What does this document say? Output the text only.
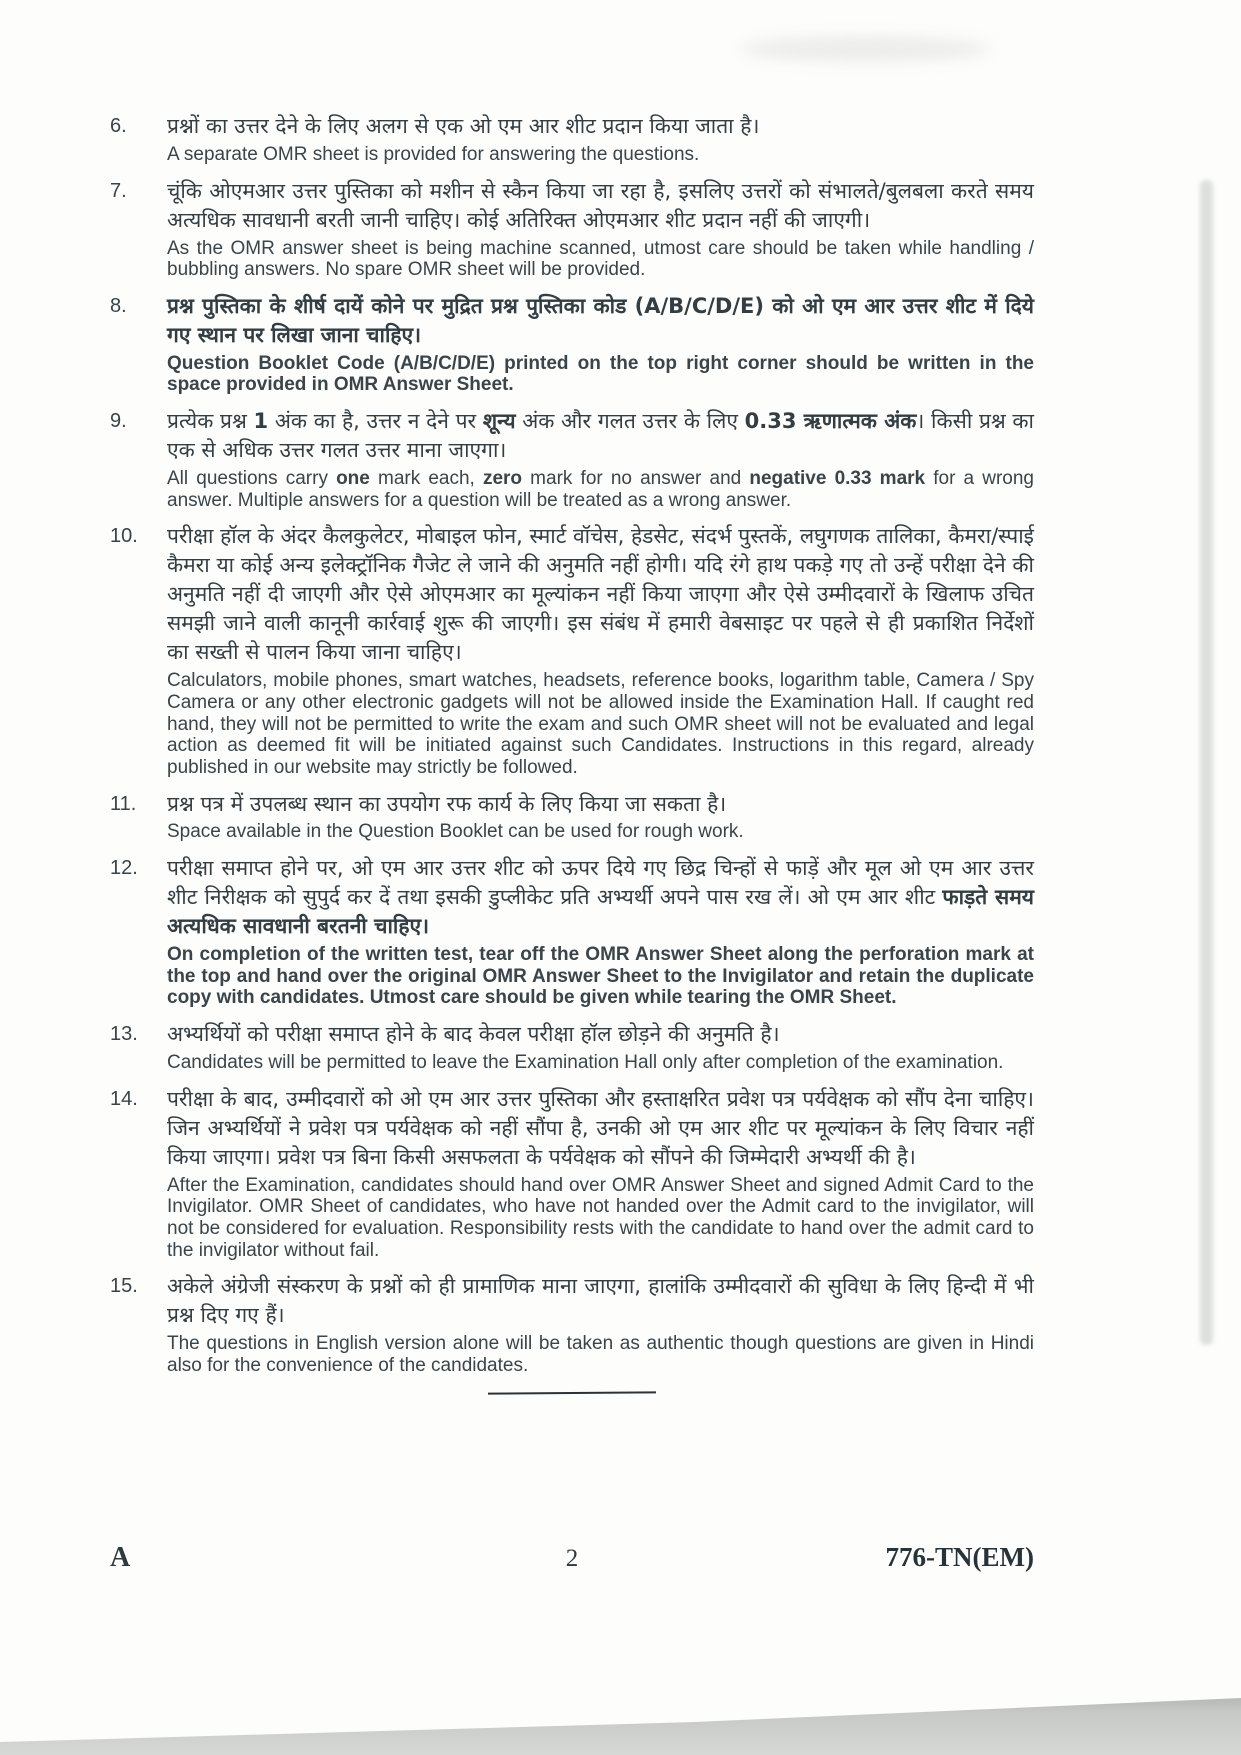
6.	प्रश्नों का उत्तर देने के लिए अलग से एक ओ एम आर शीट प्रदान किया जाता है।

A separate OMR sheet is provided for answering the questions.

7.	चूंकि ओएमआर उत्तर पुस्तिका को मशीन से स्कैन किया जा रहा है, इसलिए उत्तरों को संभालते/बुलबला करते समय अत्यधिक सावधानी बरती जानी चाहिए। कोई अतिरिक्त ओएमआर शीट प्रदान नहीं की जाएगी।

As the OMR answer sheet is being machine scanned, utmost care should be taken while handling / bubbling answers. No spare OMR sheet will be provided.

8.	प्रश्न पुस्तिका के शीर्ष दायें कोने पर मुद्रित प्रश्न पुस्तिका कोड (A/B/C/D/E) को ओ एम आर उत्तर शीट में दिये गए स्थान पर लिखा जाना चाहिए।

Question Booklet Code (A/B/C/D/E) printed on the top right corner should be written in the space provided in OMR Answer Sheet.

9.	प्रत्येक प्रश्न 1 अंक का है, उत्तर न देने पर शून्य अंक और गलत उत्तर के लिए 0.33 ऋणात्मक अंक। किसी प्रश्न का एक से अधिक उत्तर गलत उत्तर माना जाएगा।

All questions carry one mark each, zero mark for no answer and negative 0.33 mark for a wrong answer. Multiple answers for a question will be treated as a wrong answer.

10.	परीक्षा हॉल के अंदर कैलकुलेटर, मोबाइल फोन, स्मार्ट वॉचेस, हेडसेट, संदर्भ पुस्तकें, लघुगणक तालिका, कैमरा/स्पाई कैमरा या कोई अन्य इलेक्ट्रॉनिक गैजेट ले जाने की अनुमति नहीं होगी। यदि रंगे हाथ पकड़े गए तो उन्हें परीक्षा देने की अनुमति नहीं दी जाएगी और ऐसे ओएमआर का मूल्यांकन नहीं किया जाएगा और ऐसे उम्मीदवारों के खिलाफ उचित समझी जाने वाली कानूनी कार्रवाई शुरू की जाएगी। इस संबंध में हमारी वेबसाइट पर पहले से ही प्रकाशित निर्देशों का सख्ती से पालन किया जाना चाहिए।

Calculators, mobile phones, smart watches, headsets, reference books, logarithm table, Camera / Spy Camera or any other electronic gadgets will not be allowed inside the Examination Hall. If caught red hand, they will not be permitted to write the exam and such OMR sheet will not be evaluated and legal action as deemed fit will be initiated against such Candidates. Instructions in this regard, already published in our website may strictly be followed.

11.	प्रश्न पत्र में उपलब्ध स्थान का उपयोग रफ कार्य के लिए किया जा सकता है।

Space available in the Question Booklet can be used for rough work.

12.	परीक्षा समाप्त होने पर, ओ एम आर उत्तर शीट को ऊपर दिये गए छिद्र चिन्हों से फाड़ें और मूल ओ एम आर उत्तर शीट निरीक्षक को सुपुर्द कर दें तथा इसकी डुप्लीकेट प्रति अभ्यर्थी अपने पास रख लें। ओ एम आर शीट फाड़ते समय अत्यधिक सावधानी बरतनी चाहिए।

On completion of the written test, tear off the OMR Answer Sheet along the perforation mark at the top and hand over the original OMR Answer Sheet to the Invigilator and retain the duplicate copy with candidates. Utmost care should be given while tearing the OMR Sheet.

13.	अभ्यर्थियों को परीक्षा समाप्त होने के बाद केवल परीक्षा हॉल छोड़ने की अनुमति है।

Candidates will be permitted to leave the Examination Hall only after completion of the examination.

14.	परीक्षा के बाद, उम्मीदवारों को ओ एम आर उत्तर पुस्तिका और हस्ताक्षरित प्रवेश पत्र पर्यवेक्षक को सौंप देना चाहिए। जिन अभ्यर्थियों ने प्रवेश पत्र पर्यवेक्षक को नहीं सौंपा है, उनकी ओ एम आर शीट पर मूल्यांकन के लिए विचार नहीं किया जाएगा। प्रवेश पत्र बिना किसी असफलता के पर्यवेक्षक को सौंपने की जिम्मेदारी अभ्यर्थी की है।

After the Examination, candidates should hand over OMR Answer Sheet and signed Admit Card to the Invigilator. OMR Sheet of candidates, who have not handed over the Admit card to the invigilator, will not be considered for evaluation. Responsibility rests with the candidate to hand over the admit card to the invigilator without fail.

15.	अकेले अंग्रेजी संस्करण के प्रश्नों को ही प्रामाणिक माना जाएगा, हालांकि उम्मीदवारों की सुविधा के लिए हिन्दी में भी प्रश्न दिए गए हैं।

The questions in English version alone will be taken as authentic though questions are given in Hindi also for the convenience of the candidates.

A	2	776-TN(EM)
